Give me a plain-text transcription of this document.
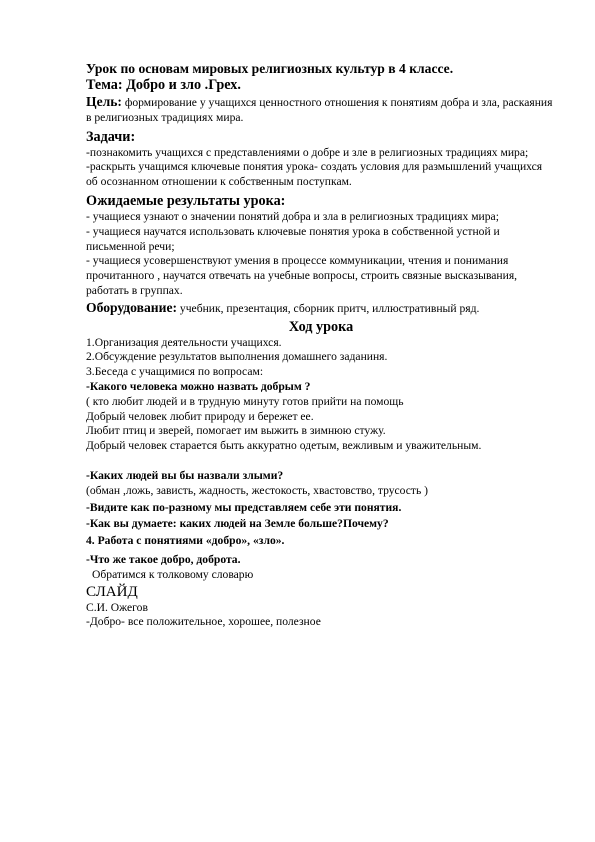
Урок по основам мировых религиозных культур в 4 классе.
Тема: Добро и зло .Грех.
Цель: формирование у учащихся ценностного отношения к понятиям добра и зла, раскаяния в религиозных традициях мира.
Задачи:
-познакомить учащихся с представлениями о добре и зле в религиозных традициях мира;
-раскрыть учащимся ключевые понятия урока- создать условия для размышлений учащихся об осознанном отношении к собственным поступкам.
Ожидаемые результаты урока:
- учащиеся узнают о значении понятий добра и зла в религиозных традициях мира;
- учащиеся научатся использовать ключевые понятия урока в собственной устной и письменной речи;
- учащиеся усовершенствуют умения в процессе коммуникации, чтения и понимания прочитанного , научатся отвечать на учебные вопросы, строить связные высказывания, работать в группах.
Оборудование: учебник, презентация, сборник притч, иллюстративный ряд.
Ход урока
1.Организация деятельности учащихся.
2.Обсуждение результатов выполнения домашнего заданиня.
3.Беседа с учащимися по вопросам:
-Какого человека можно назвать добрым ?
( кто любит людей и в трудную минуту готов прийти на помощь
Добрый человек любит природу и бережет ее.
Любит птиц и зверей, помогает им выжить в зимнюю стужу.
Добрый человек старается быть аккуратно одетым, вежливым и уважительным.
-Каких людей вы бы назвали злыми?
(обман ,ложь, зависть, жадность, жестокость, хвастовство, трусость )
-Видите как по-разному мы представляем себе эти понятия.
-Как вы думаете: каких людей на Земле больше?Почему?
4. Работа с понятиями «добро», «зло».
-Что же такое добро, доброта.
Обратимся к толковому словарю
СЛАЙД
С.И. Ожегов
-Добро- все положительное, хорошее, полезное
